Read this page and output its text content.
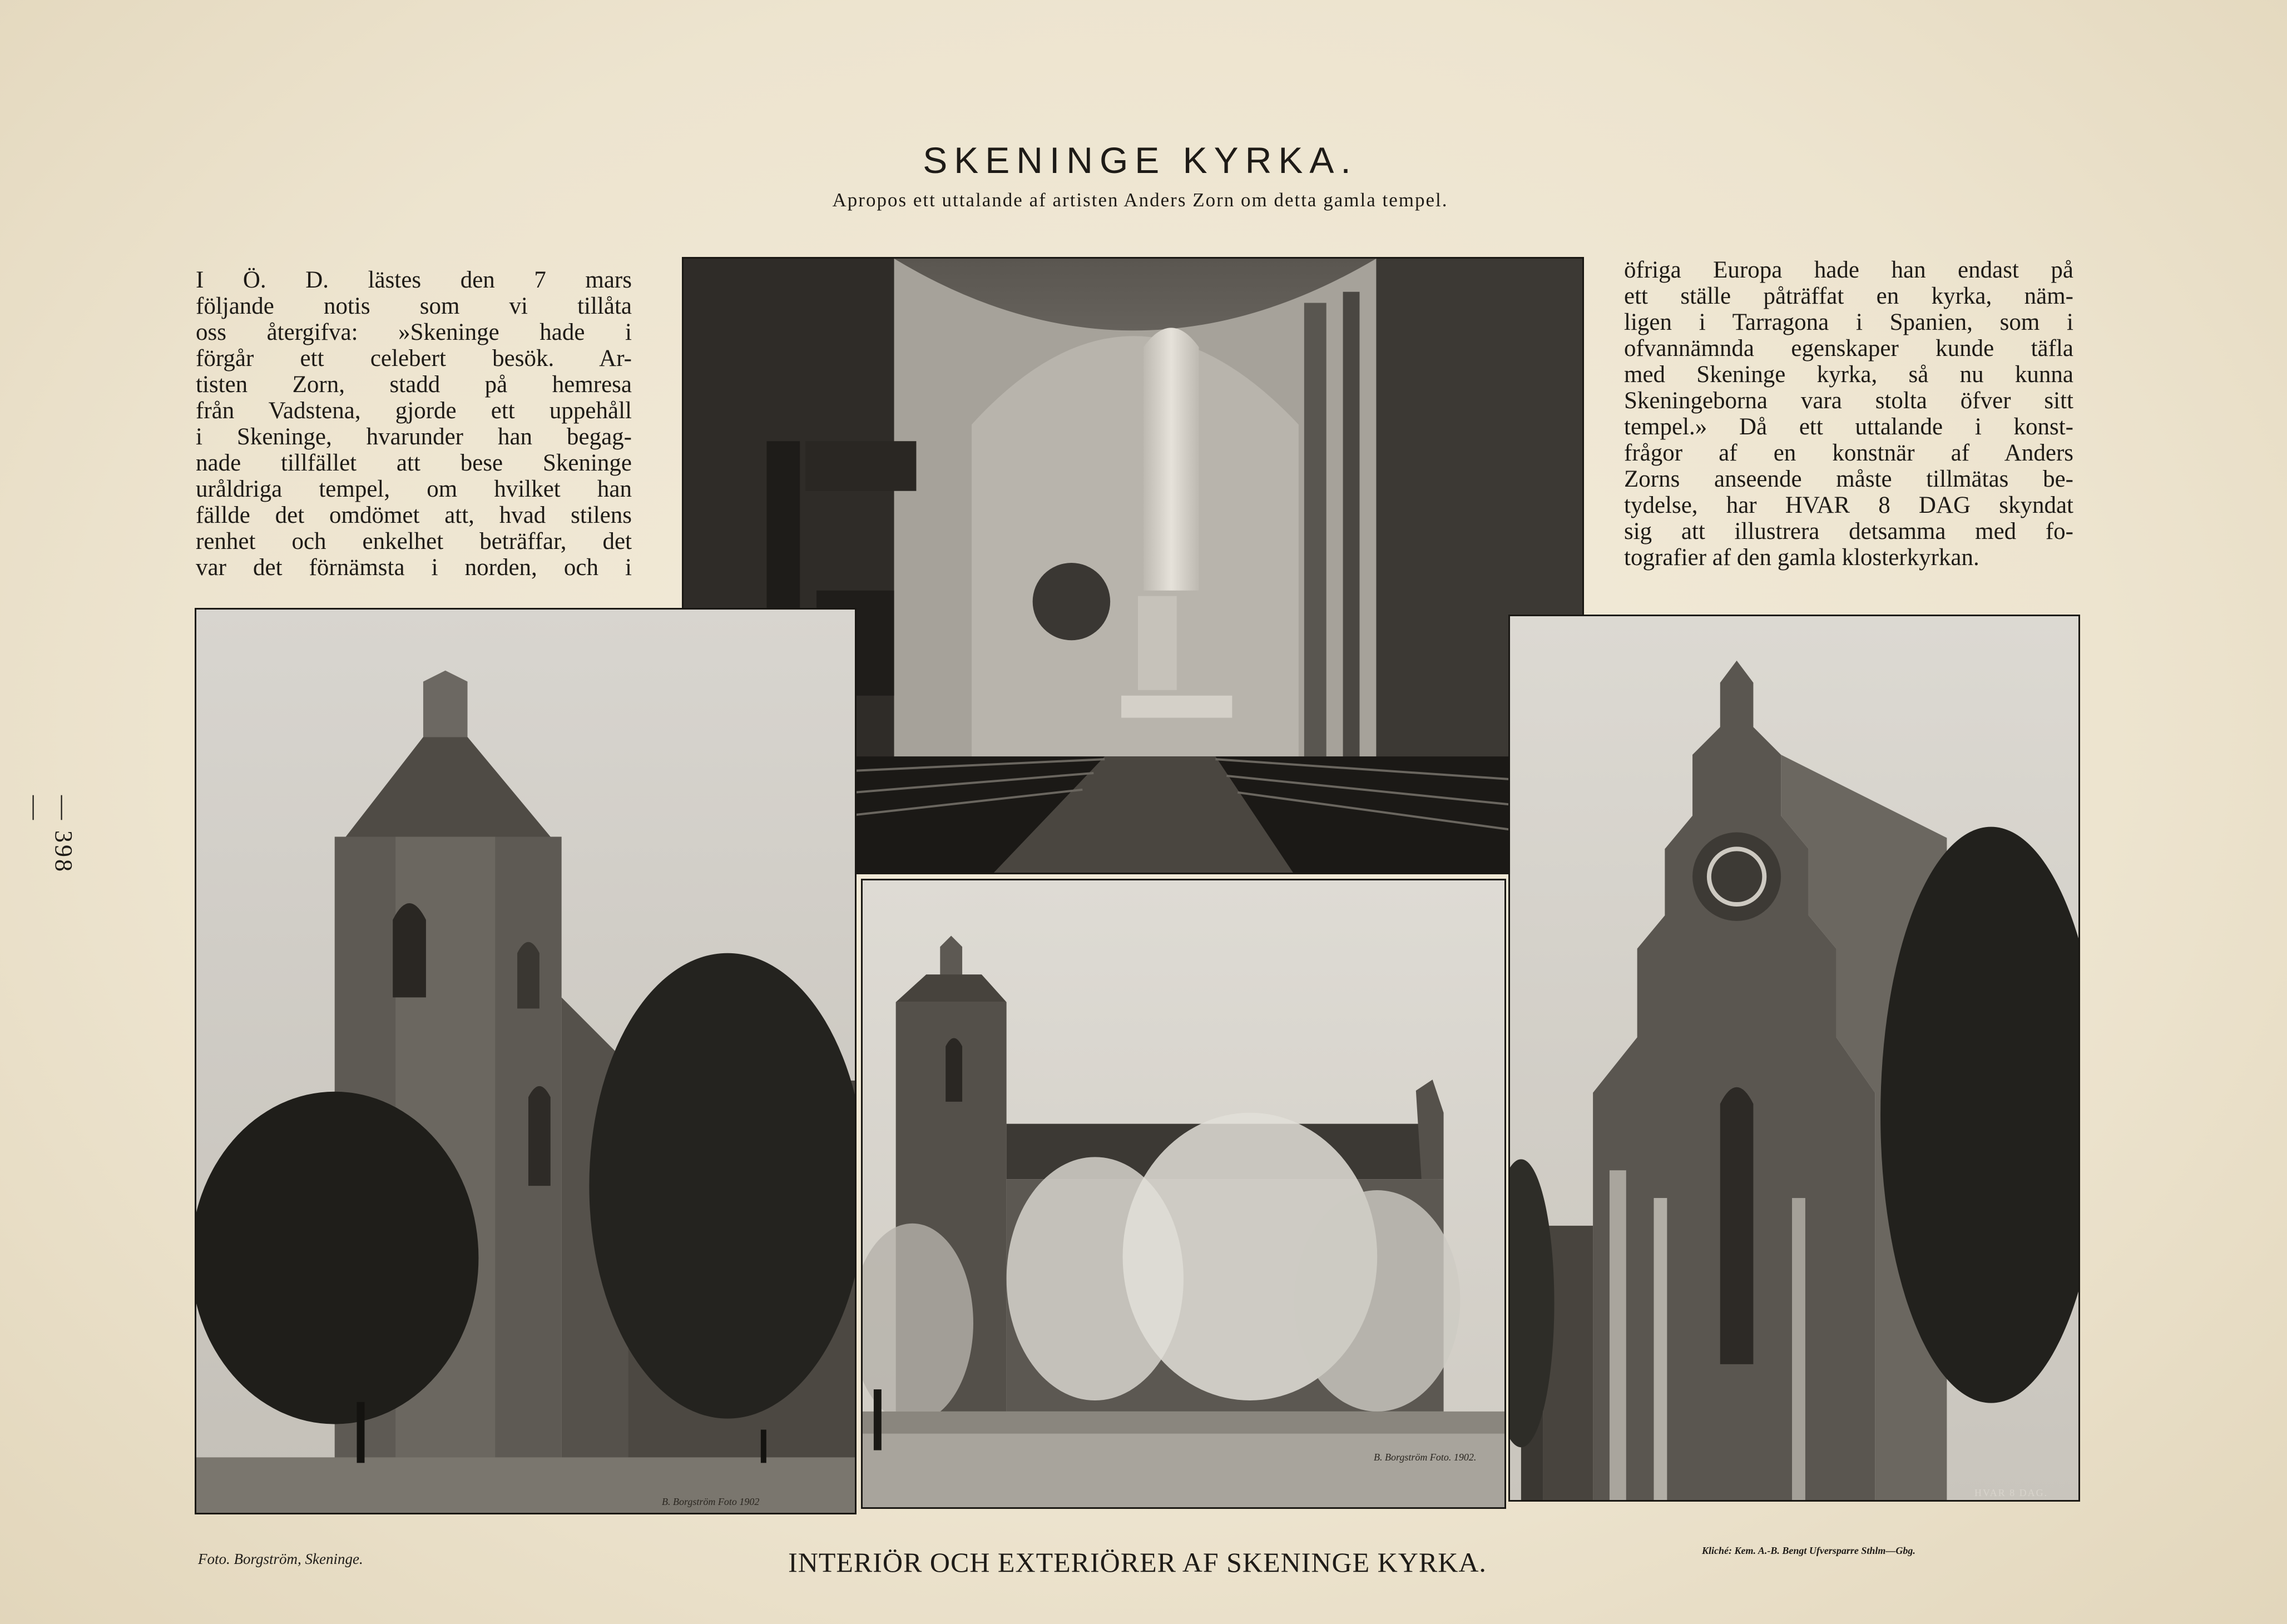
SKENINGE KYRKA.
Apropos ett uttalande af artisten Anders Zorn om detta gamla tempel.
— 398 —
I Ö. D. lästes den 7 mars
följande notis som vi tillåta
oss återgifva: »Skeninge hade i
förgår ett celebert besök. Ar-
tisten Zorn, stadd på hemresa
från Vadstena, gjorde ett uppehåll
i Skeninge, hvarunder han begag-
nade tillfället att bese Skeninge
uråldriga tempel, om hvilket han
fällde det omdömet att, hvad stilens
renhet och enkelhet beträffar, det
var det förnämsta i norden, och i
öfriga Europa hade han endast på
ett ställe påträffat en kyrka, näm-
ligen i Tarragona i Spanien, som i
ofvannämnda egenskaper kunde täfla
med Skeninge kyrka, så nu kunna
Skeningeborna vara stolta öfver sitt
tempel.» Då ett uttalande i konst-
frågor af en konstnär af Anders
Zorns anseende måste tillmätas be-
tydelse, har HVAR 8 DAG skyndat
sig att illustrera detsamma med fo-
tografier af den gamla klosterkyrkan.
B. Borgström Foto 1902
B. Borgström Foto. 1902.
HVAR 8 DAG.
Foto. Borgström, Skeninge.	INTERIÖR OCH EXTERIÖRER AF SKENINGE KYRKA.	Kliché: Kem. A.-B. Bengt Ufversparre Sthlm—Gbg.
